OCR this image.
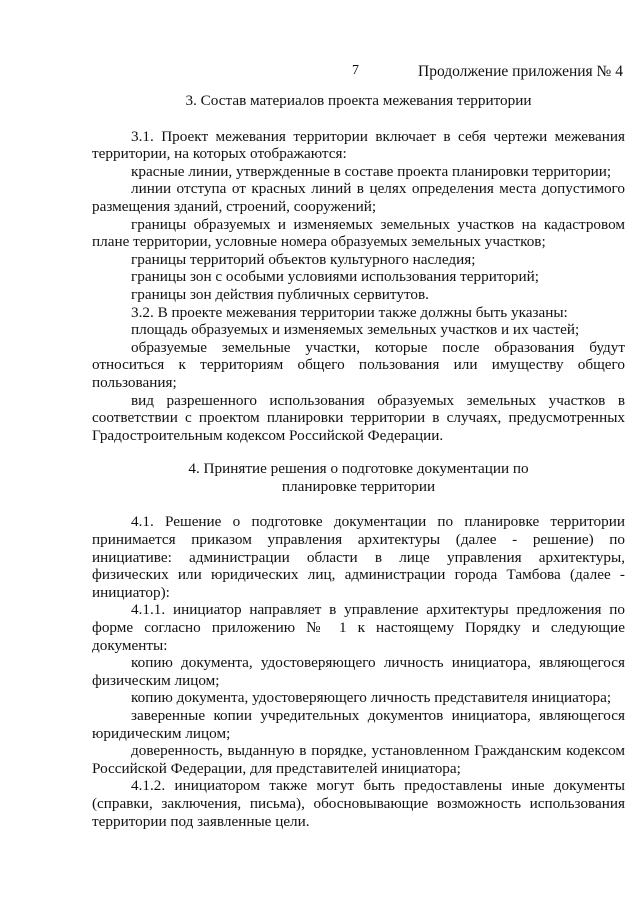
7	Продолжение приложения № 4
3. Состав материалов проекта межевания территории

3.1. Проект межевания территории включает в себя чертежи межевания территории, на которых отображаются:

красные линии, утвержденные в составе проекта планировки территории;

линии отступа от красных линий в целях определения места допустимого размещения зданий, строений, сооружений;

границы образуемых и изменяемых земельных участков на кадастровом плане территории, условные номера образуемых земельных участков;

границы территорий объектов культурного наследия;

границы зон с особыми условиями использования территорий;

границы зон действия публичных сервитутов.

3.2. В проекте межевания территории также должны быть указаны:

площадь образуемых и изменяемых земельных участков и их частей;

образуемые земельные участки, которые после образования будут относиться к территориям общего пользования или имуществу общего пользования;

вид разрешенного использования образуемых земельных участков в соответствии с проектом планировки территории в случаях, предусмотренных Градостроительным кодексом Российской Федерации.

4. Принятие решения о подготовке документации по
планировке территории

4.1. Решение о подготовке документации по планировке территории принимается приказом управления архитектуры (далее - решение) по инициативе: администрации области в лице управления архитектуры, физических или юридических лиц, администрации города Тамбова (далее - инициатор):

4.1.1. инициатор направляет в управление архитектуры предложения по форме согласно приложению № 1 к настоящему Порядку и следующие документы:

копию документа, удостоверяющего личность инициатора, являющегося физическим лицом;

копию документа, удостоверяющего личность представителя инициатора;

заверенные копии учредительных документов инициатора, являющегося юридическим лицом;

доверенность, выданную в порядке, установленном Гражданским кодексом Российской Федерации, для представителей инициатора;

4.1.2. инициатором также могут быть предоставлены иные документы (справки, заключения, письма), обосновывающие возможность использования территории под заявленные цели.
